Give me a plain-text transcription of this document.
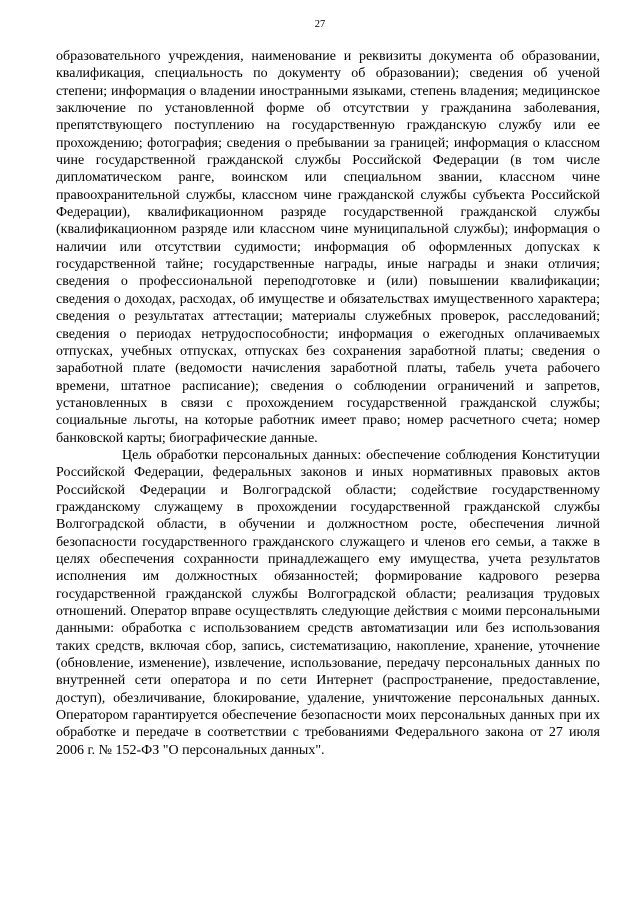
27

образовательного учреждения, наименование и реквизиты документа об образовании, квалификация, специальность по документу об образовании); сведения об ученой степени; информация о владении иностранными языками, степень владения; медицинское заключение по установленной форме об отсутствии у гражданина заболевания, препятствующего поступлению на государственную гражданскую службу или ее прохождению; фотография; сведения о пребывании за границей; информация о классном чине государственной гражданской службы Российской Федерации (в том числе дипломатическом ранге, воинском или специальном звании, классном чине правоохранительной службы, классном чине гражданской службы субъекта Российской Федерации), квалификационном разряде государственной гражданской службы (квалификационном разряде или классном чине муниципальной службы); информация о наличии или отсутствии судимости; информация об оформленных допусках к государственной тайне; государственные награды, иные награды и знаки отличия; сведения о профессиональной переподготовке и (или) повышении квалификации; сведения о доходах, расходах, об имуществе и обязательствах имущественного характера; сведения о результатах аттестации; материалы служебных проверок, расследований; сведения о периодах нетрудоспособности; информация о ежегодных оплачиваемых отпусках, учебных отпусках, отпусках без сохранения заработной платы; сведения о заработной плате (ведомости начисления заработной платы, табель учета рабочего времени, штатное расписание); сведения о соблюдении ограничений и запретов, установленных в связи с прохождением государственной гражданской службы; социальные льготы, на которые работник имеет право; номер расчетного счета; номер банковской карты; биографические данные.

Цель обработки персональных данных: обеспечение соблюдения Конституции Российской Федерации, федеральных законов и иных нормативных правовых актов Российской Федерации и Волгоградской области; содействие государственному гражданскому служащему в прохождении государственной гражданской службы Волгоградской области, в обучении и должностном росте, обеспечения личной безопасности государственного гражданского служащего и членов его семьи, а также в целях обеспечения сохранности принадлежащего ему имущества, учета результатов исполнения им должностных обязанностей; формирование кадрового резерва государственной гражданской службы Волгоградской области; реализация трудовых отношений. Оператор вправе осуществлять следующие действия с моими персональными данными: обработка с использованием средств автоматизации или без использования таких средств, включая сбор, запись, систематизацию, накопление, хранение, уточнение (обновление, изменение), извлечение, использование, передачу персональных данных по внутренней сети оператора и по сети Интернет (распространение, предоставление, доступ), обезличивание, блокирование, удаление, уничтожение персональных данных. Оператором гарантируется обеспечение безопасности моих персональных данных при их обработке и передаче в соответствии с требованиями Федерального закона от 27 июля 2006 г. № 152-ФЗ "О персональных данных".
